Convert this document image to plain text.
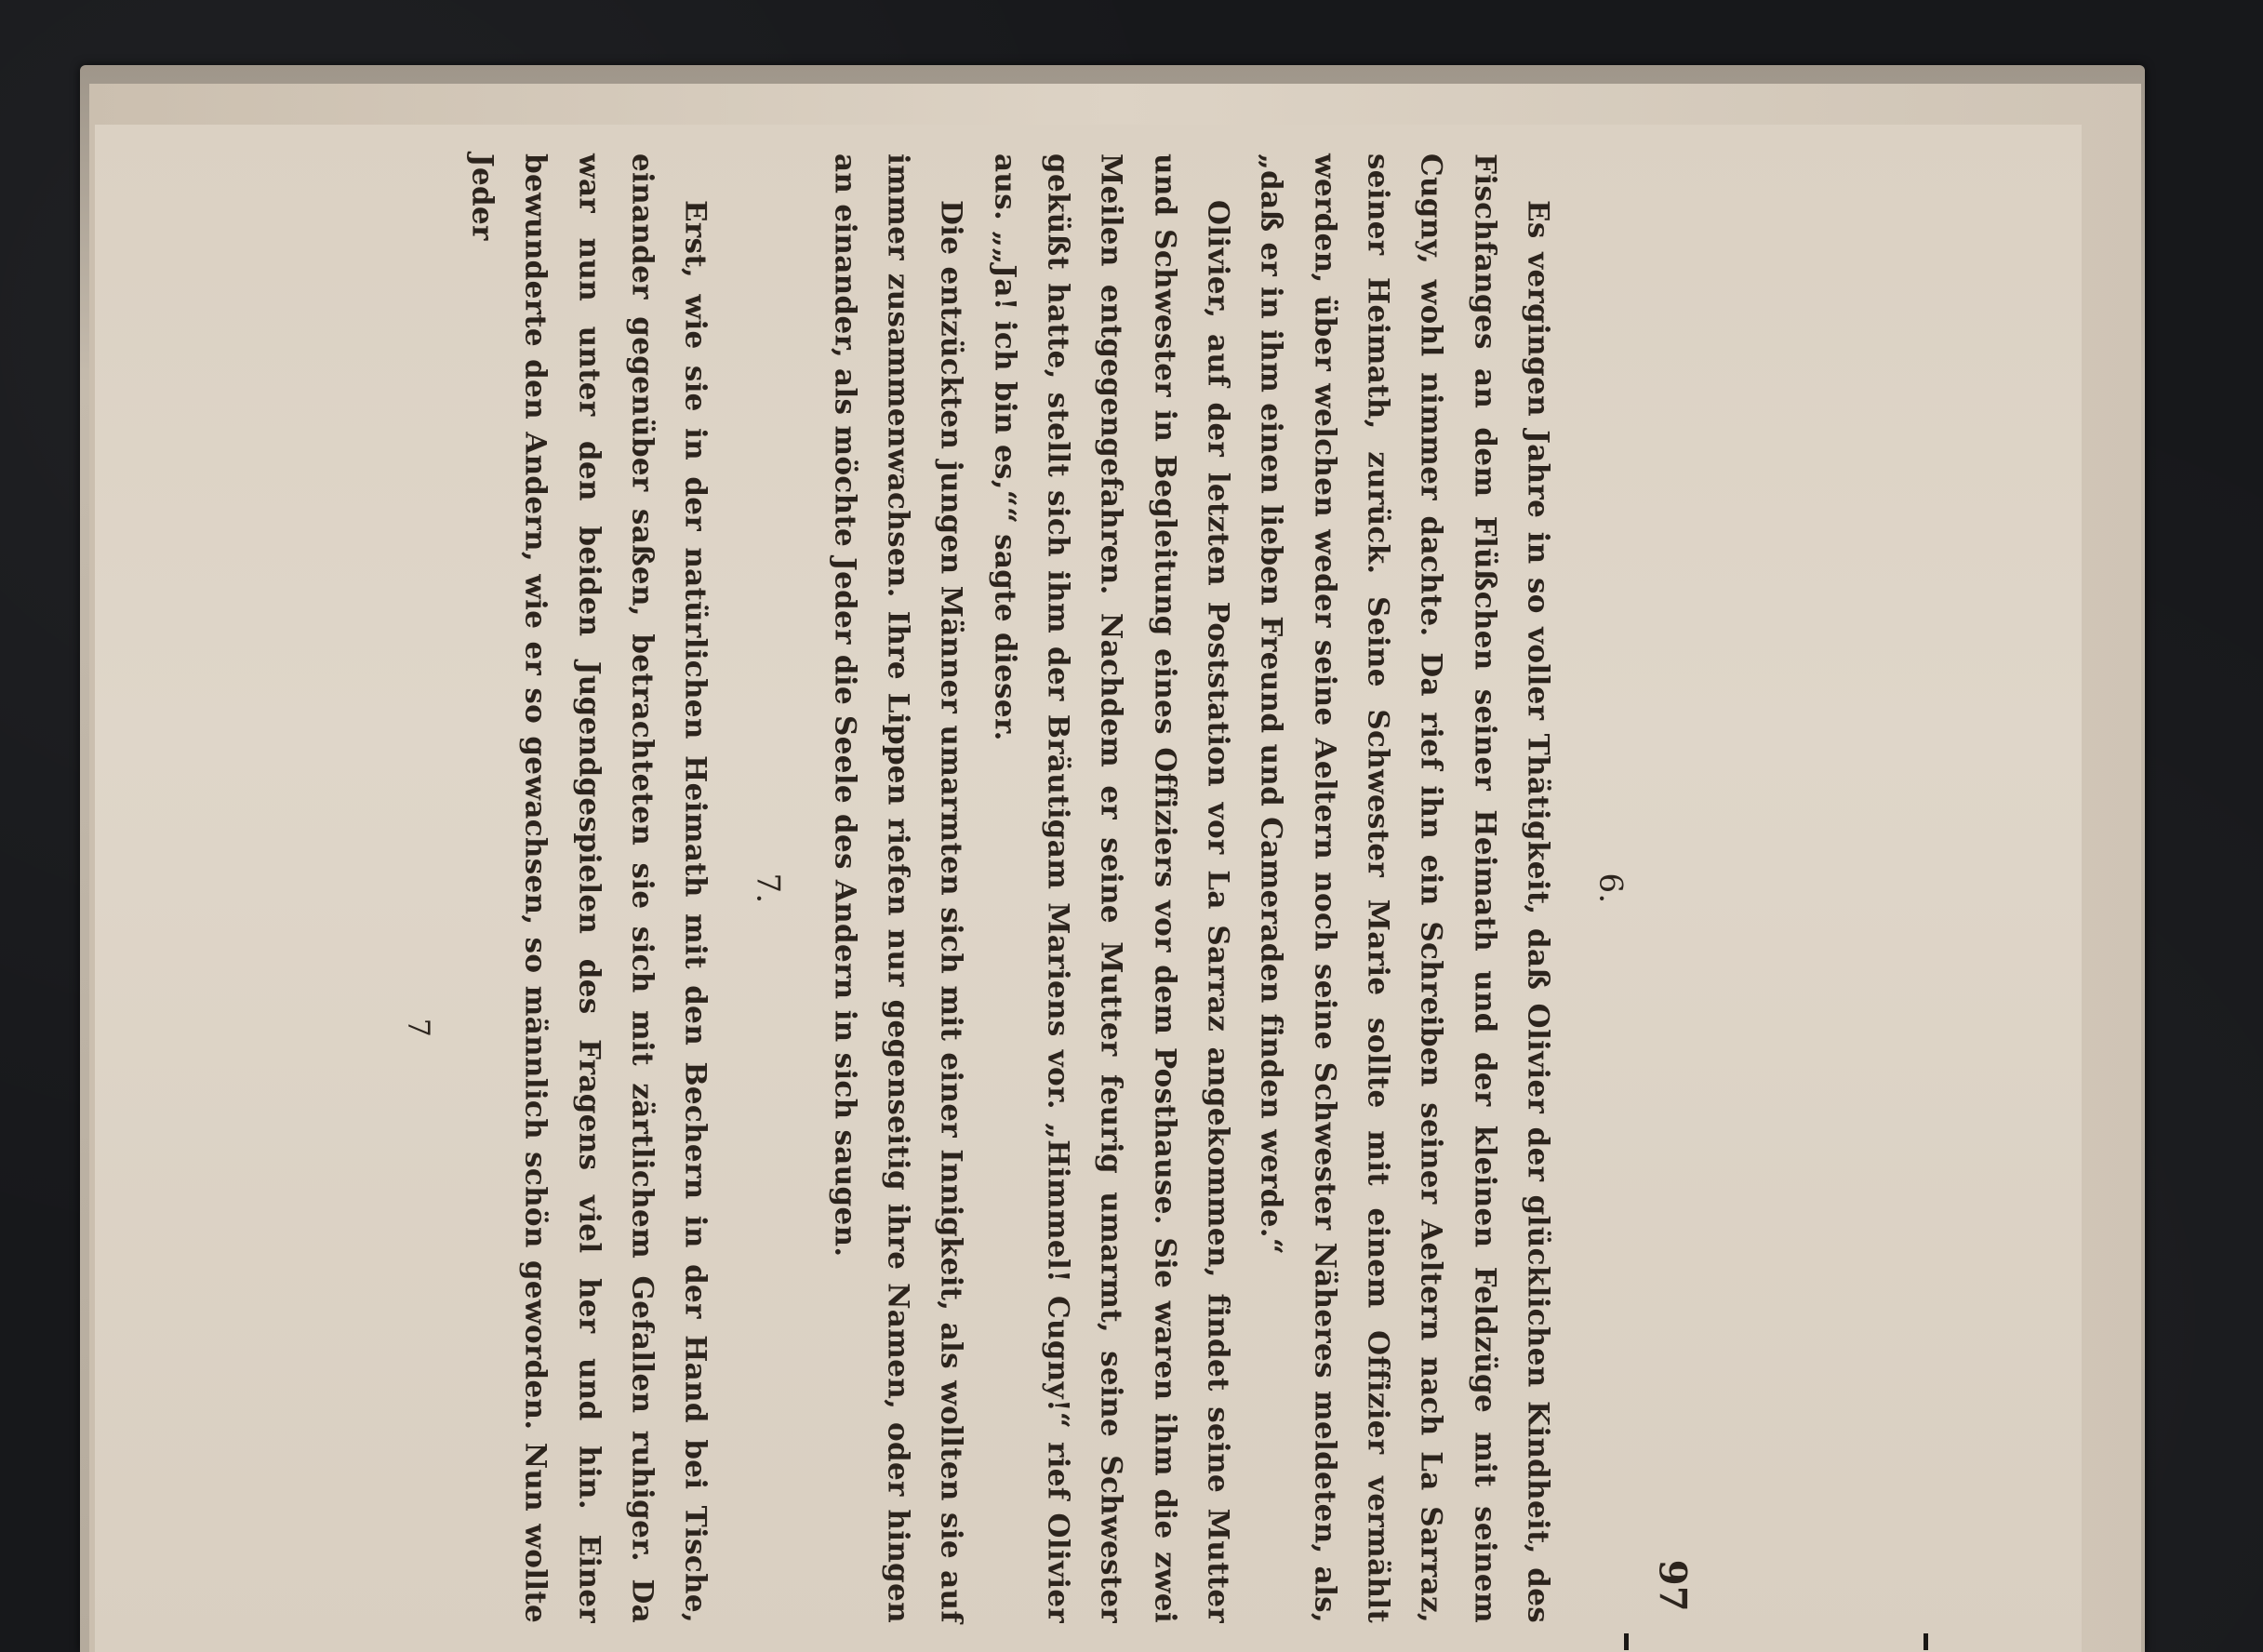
97
6.

Es vergingen Jahre in so voller Thätigkeit, daß Olivier der glücklichen Kindheit, des Fischfanges an dem Flüßchen seiner Heimath und der kleinen Feldzüge mit seinem Cugny, wohl nimmer dachte. Da rief ihn ein Schreiben seiner Aeltern nach La Sarraz, seiner Heimath, zurück. Seine Schwester Marie sollte mit einem Offizier vermählt werden, über welchen weder seine Aeltern noch seine Schwester Näheres meldeten, als, „daß er in ihm einen lieben Freund und Cameraden finden werde.“

Olivier, auf der letzten Poststation vor La Sarraz angekommen, findet seine Mutter und Schwester in Begleitung eines Offiziers vor dem Posthause. Sie waren ihm die zwei Meilen entgegengefahren. Nachdem er seine Mutter feurig umarmt, seine Schwester geküßt hatte, stellt sich ihm der Bräutigam Mariens vor. „Himmel! Cugny!“ rief Olivier aus. „„Ja! ich bin es,““ sagte dieser.

Die entzückten jungen Männer umarmten sich mit einer Innigkeit, als wollten sie auf immer zusammenwachsen. Ihre Lippen riefen nur gegenseitig ihre Namen, oder hingen an einander, als möchte Jeder die Seele des Andern in sich saugen.

7.

Erst, wie sie in der natürlichen Heimath mit den Bechern in der Hand bei Tische, einander gegenüber saßen, betrachteten sie sich mit zärtlichem Gefallen ruhiger. Da war nun unter den beiden Jugendgespielen des Fragens viel her und hin. Einer bewunderte den Andern, wie er so gewachsen, so männlich schön geworden. Nun wollte Jeder

7
